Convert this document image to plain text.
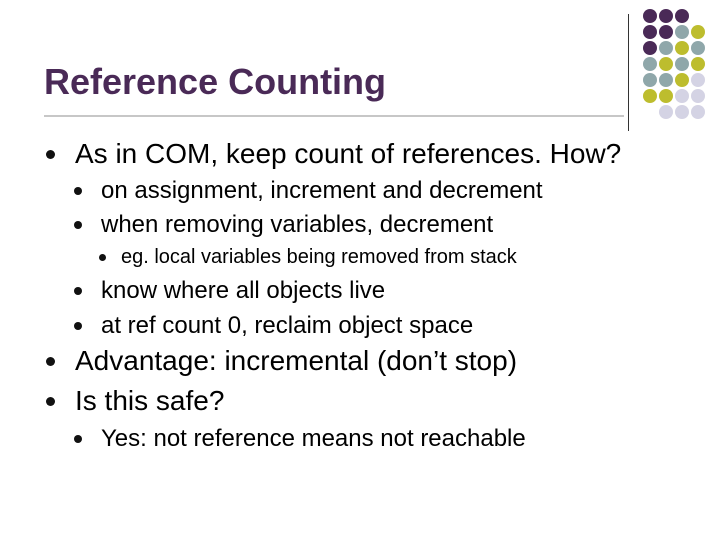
Reference Counting
As in COM, keep count of references. How?
on assignment, increment and decrement
when removing variables, decrement
eg. local variables being removed from stack
know where all objects live
at ref count 0, reclaim object space
Advantage: incremental (don’t stop)
Is this safe?
Yes: not reference means not reachable
